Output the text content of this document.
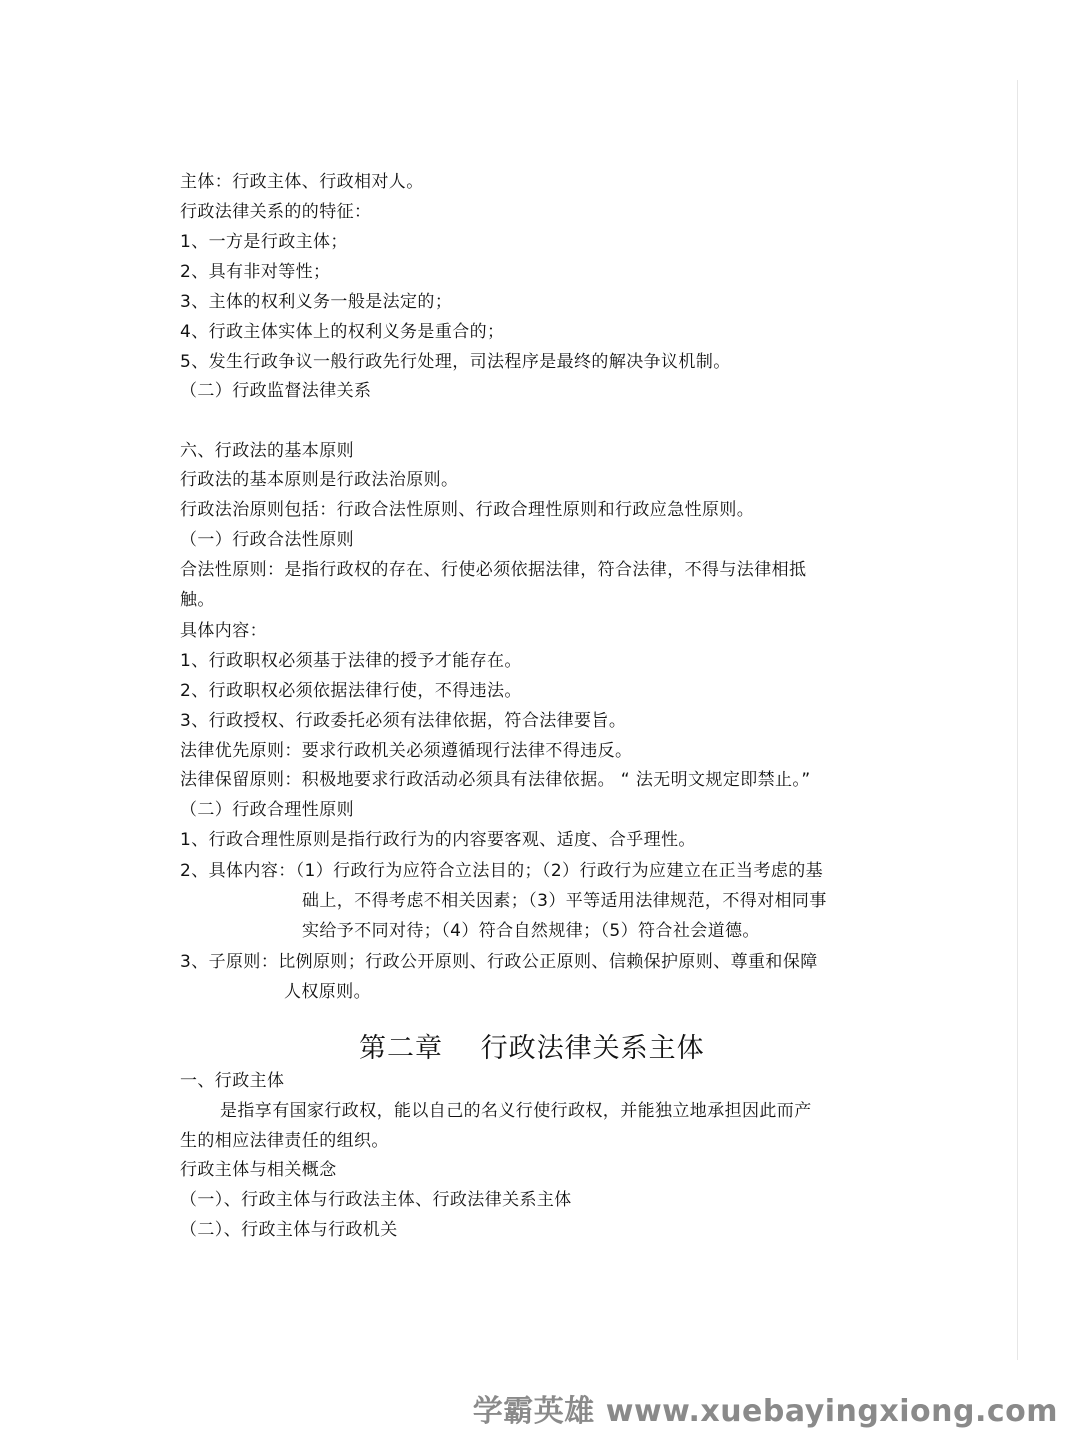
主体：行政主体、行政相对人。
行政法律关系的的特征：
1、一方是行政主体；
2、具有非对等性；
3、主体的权利义务一般是法定的；
4、行政主体实体上的权利义务是重合的；
5、发生行政争议一般行政先行处理，司法程序是最终的解决争议机制。
（二）行政监督法律关系
六、行政法的基本原则
行政法的基本原则是行政法治原则。
行政法治原则包括：行政合法性原则、行政合理性原则和行政应急性原则。
（一）行政合法性原则
合法性原则：是指行政权的存在、行使必须依据法律，符合法律，不得与法律相抵
触。
具体内容：
1、行政职权必须基于法律的授予才能存在。
2、行政职权必须依据法律行使，不得违法。
3、行政授权、行政委托必须有法律依据，符合法律要旨。
法律优先原则：要求行政机关必须遵循现行法律不得违反。
法律保留原则：积极地要求行政活动必须具有法律依据。 “ 法无明文规定即禁止。”
（二）行政合理性原则
1、行政合理性原则是指行政行为的内容要客观、适度、合乎理性。
2、具体内容：（1）行政行为应符合立法目的；（2）行政行为应建立在正当考虑的基
础上，不得考虑不相关因素；（3）平等适用法律规范，不得对相同事
实给予不同对待；（4）符合自然规律；（5）符合社会道德。
3、子原则：比例原则；行政公开原则、行政公正原则、信赖保护原则、尊重和保障
人权原则。
第二章　 行政法律关系主体
一、行政主体
是指享有国家行政权，能以自己的名义行使行政权，并能独立地承担因此而产
生的相应法律责任的组织。
行政主体与相关概念
（一）、行政主体与行政法主体、行政法律关系主体
（二）、行政主体与行政机关
学霸英雄 www.xuebayingxiong.com
